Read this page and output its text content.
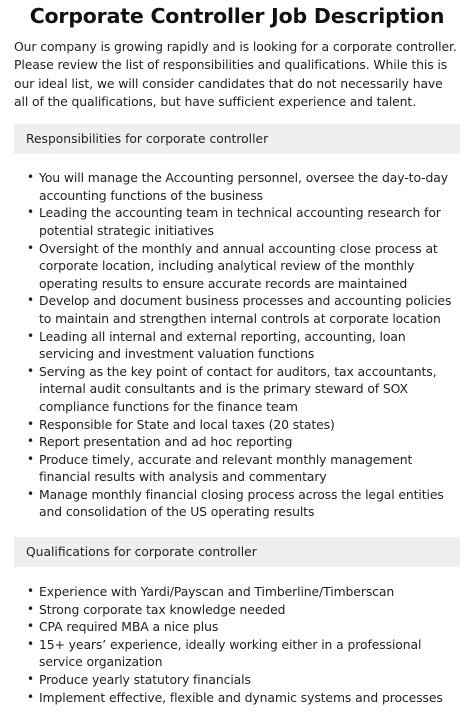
Corporate Controller Job Description

Our company is growing rapidly and is looking for a corporate controller. Please review the list of responsibilities and qualifications. While this is our ideal list, we will consider candidates that do not necessarily have all of the qualifications, but have sufficient experience and talent.

Responsibilities for corporate controller
• You will manage the Accounting personnel, oversee the day-to-day accounting functions of the business
• Leading the accounting team in technical accounting research for potential strategic initiatives
• Oversight of the monthly and annual accounting close process at corporate location, including analytical review of the monthly operating results to ensure accurate records are maintained
• Develop and document business processes and accounting policies to maintain and strengthen internal controls at corporate location
• Leading all internal and external reporting, accounting, loan servicing and investment valuation functions
• Serving as the key point of contact for auditors, tax accountants, internal audit consultants and is the primary steward of SOX compliance functions for the finance team
• Responsible for State and local taxes (20 states)
• Report presentation and ad hoc reporting
• Produce timely, accurate and relevant monthly management financial results with analysis and commentary
• Manage monthly financial closing process across the legal entities and consolidation of the US operating results
Qualifications for corporate controller
• Experience with Yardi/Payscan and Timberline/Timberscan
• Strong corporate tax knowledge needed
• CPA required MBA a nice plus
• 15+ years’ experience, ideally working either in a professional service organization
• Produce yearly statutory financials
• Implement effective, flexible and dynamic systems and processes
